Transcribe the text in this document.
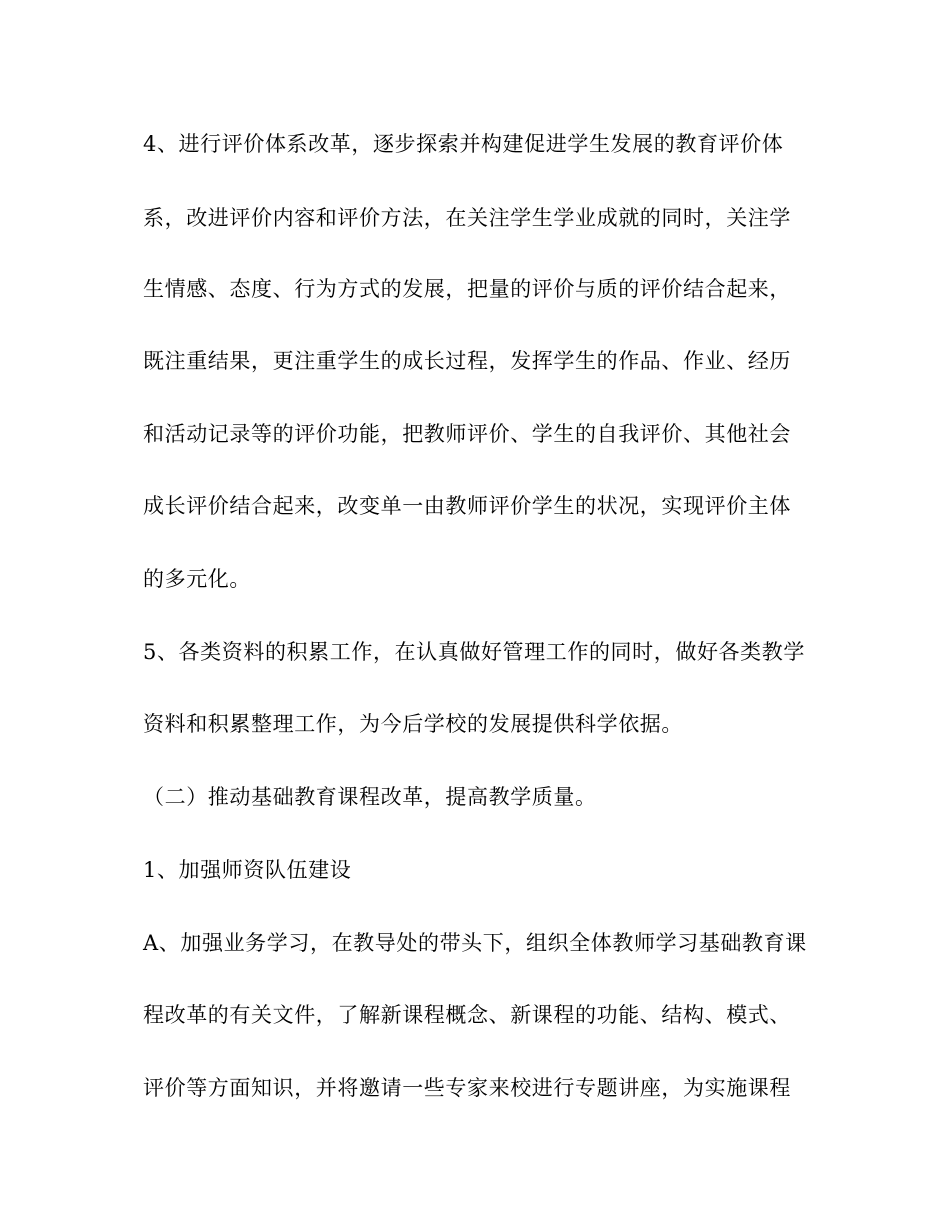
4、进行评价体系改革，逐步探索并构建促进学生发展的教育评价体
系，改进评价内容和评价方法，在关注学生学业成就的同时，关注学
生情感、态度、行为方式的发展，把量的评价与质的评价结合起来，
既注重结果，更注重学生的成长过程，发挥学生的作品、作业、经历
和活动记录等的评价功能，把教师评价、学生的自我评价、其他社会
成长评价结合起来，改变单一由教师评价学生的状况，实现评价主体
的多元化。
5、各类资料的积累工作，在认真做好管理工作的同时，做好各类教学
资料和积累整理工作，为今后学校的发展提供科学依据。
（二）推动基础教育课程改革，提高教学质量。
1、加强师资队伍建设
A、加强业务学习，在教导处的带头下，组织全体教师学习基础教育课
程改革的有关文件，了解新课程概念、新课程的功能、结构、模式、
评价等方面知识，并将邀请一些专家来校进行专题讲座，为实施课程
